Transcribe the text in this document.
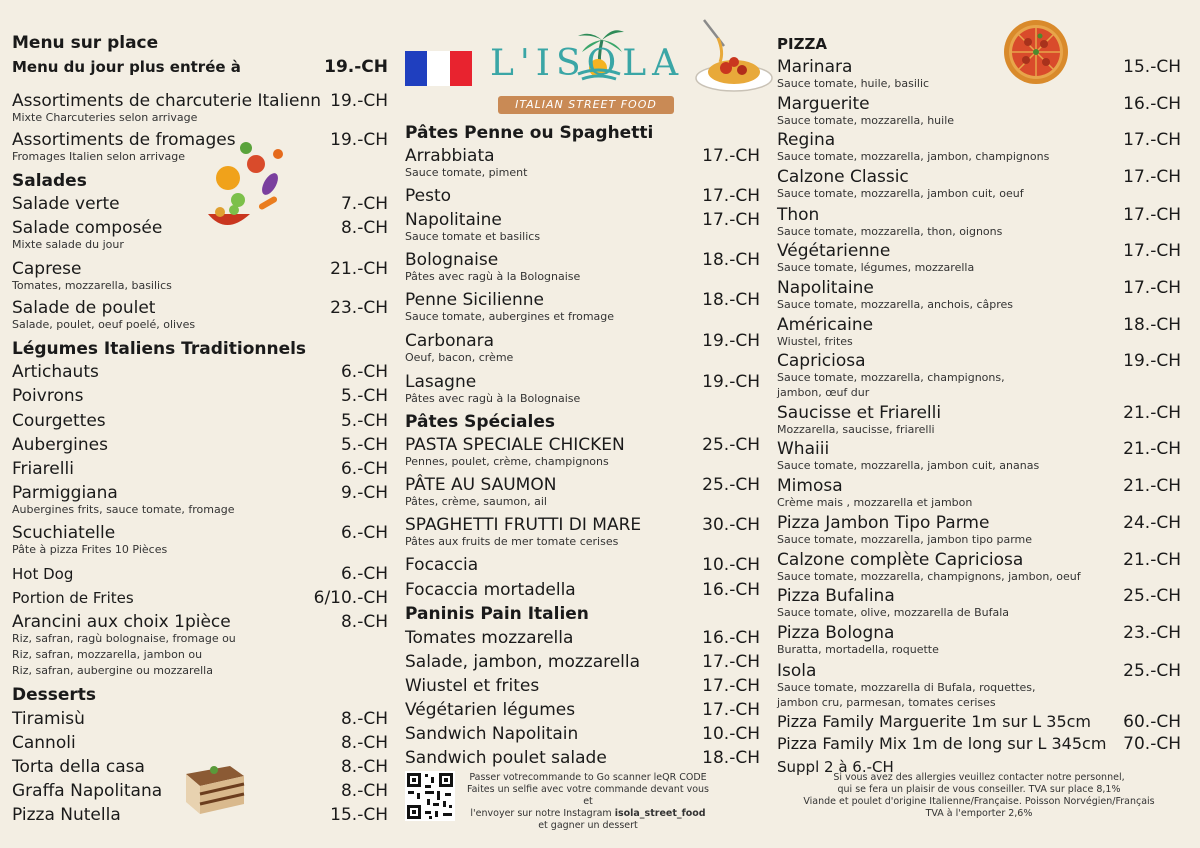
Menu sur place
Menu du jour plus entrée à	19.-CH
Assortiments de charcuterie Italienn 19.-CH
Mixte Charcuteries selon arrivage
Assortiments de fromages	19.-CH
Fromages Italien selon arrivage
Salades
Salade verte	7.-CH
Salade composée	8.-CH
Mixte salade du jour
Caprese	21.-CH
Tomates, mozzarella, basilics
Salade de poulet	23.-CH
Salade, poulet, oeuf poelé, olives
Légumes Italiens Traditionnels
Artichauts	6.-CH
Poivrons	5.-CH
Courgettes	5.-CH
Aubergines	5.-CH
Friarelli	6.-CH
Parmiggiana	9.-CH
Aubergines frits, sauce tomate, fromage
Scuchiatelle	6.-CH
Pâte à pizza Frites 10 Pièces
Hot Dog	6.-CH
Portion de Frites	6/10.-CH
Arancini aux choix 1pièce	8.-CH
Riz, safran, ragù bolognaise, fromage ou
Riz, safran, mozzarella, jambon ou
Riz, safran, aubergine ou mozzarella
Desserts
Tiramisù	8.-CH
Cannoli	8.-CH
Torta della casa	8.-CH
Graffa Napolitana	8.-CH
Pizza Nutella	15.-CH
L'ISOLA
ITALIAN STREET FOOD
Pâtes Penne ou Spaghetti
Arrabbiata	17.-CH
Sauce tomate, piment
Pesto	17.-CH
Napolitaine	17.-CH
Sauce tomate et basilics
Bolognaise	18.-CH
Pâtes avec ragù à la Bolognaise
Penne Sicilienne	18.-CH
Sauce tomate, aubergines et fromage
Carbonara	19.-CH
Oeuf, bacon, crème
Lasagne	19.-CH
Pâtes avec ragù à la Bolognaise
Pâtes Spéciales
PASTA SPECIALE CHICKEN	25.-CH
Pennes, poulet, crème, champignons
PÂTE AU SAUMON	25.-CH
Pâtes, crème, saumon, ail
SPAGHETTI FRUTTI DI MARE	30.-CH
Pâtes aux fruits de mer tomate cerises
Focaccia	10.-CH
Focaccia mortadella	16.-CH
Paninis Pain Italien
Tomates mozzarella	16.-CH
Salade, jambon, mozzarella	17.-CH
Wiustel et frites	17.-CH
Végétarien légumes	17.-CH
Sandwich Napolitain	10.-CH
Sandwich poulet salade	18.-CH
Passer votrecommande to Go scanner leQR CODE
Faites un selfie avec votre commande devant vous et
l'envoyer sur notre Instagram isola_street_food
et gagner un dessert
PIZZA
Marinara	15.-CH
Sauce tomate, huile, basilic
Marguerite	16.-CH
Sauce tomate, mozzarella, huile
Regina	17.-CH
Sauce tomate, mozzarella, jambon, champignons
Calzone Classic	17.-CH
Sauce tomate, mozzarella, jambon cuit, oeuf
Thon	17.-CH
Sauce tomate, mozzarella, thon, oignons
Végétarienne	17.-CH
Sauce tomate, légumes, mozzarella
Napolitaine	17.-CH
Sauce tomate, mozzarella, anchois, câpres
Américaine	18.-CH
Wiustel, frites
Capriciosa	19.-CH
Sauce tomate, mozzarella, champignons,
jambon, œuf dur
Saucisse et Friarelli	21.-CH
Mozzarella, saucisse, friarelli
Whaiii	21.-CH
Sauce tomate, mozzarella, jambon cuit, ananas
Mimosa	21.-CH
Crème mais , mozzarella et jambon
Pizza Jambon Tipo Parme	24.-CH
Sauce tomate, mozzarella, jambon tipo parme
Calzone complète Capriciosa	21.-CH
Sauce tomate, mozzarella, champignons, jambon, oeuf
Pizza Bufalina	25.-CH
Sauce tomate, olive, mozzarella de Bufala
Pizza Bologna	23.-CH
Buratta, mortadella, roquette
Isola	25.-CH
Sauce tomate, mozzarella di Bufala, roquettes,
jambon cru, parmesan, tomates cerises
Pizza Family Marguerite 1m sur L 35cm	60.-CH
Pizza Family Mix 1m de long sur L 345cm 70.-CH
Suppl 2 à 6.-CH
Si vous avez des allergies veuillez contacter notre personnel,
qui se fera un plaisir de vous conseiller. TVA sur place 8,1%
Viande et poulet d'origine Italienne/Française. Poisson Norvégien/Français
TVA à l'emporter 2,6%
